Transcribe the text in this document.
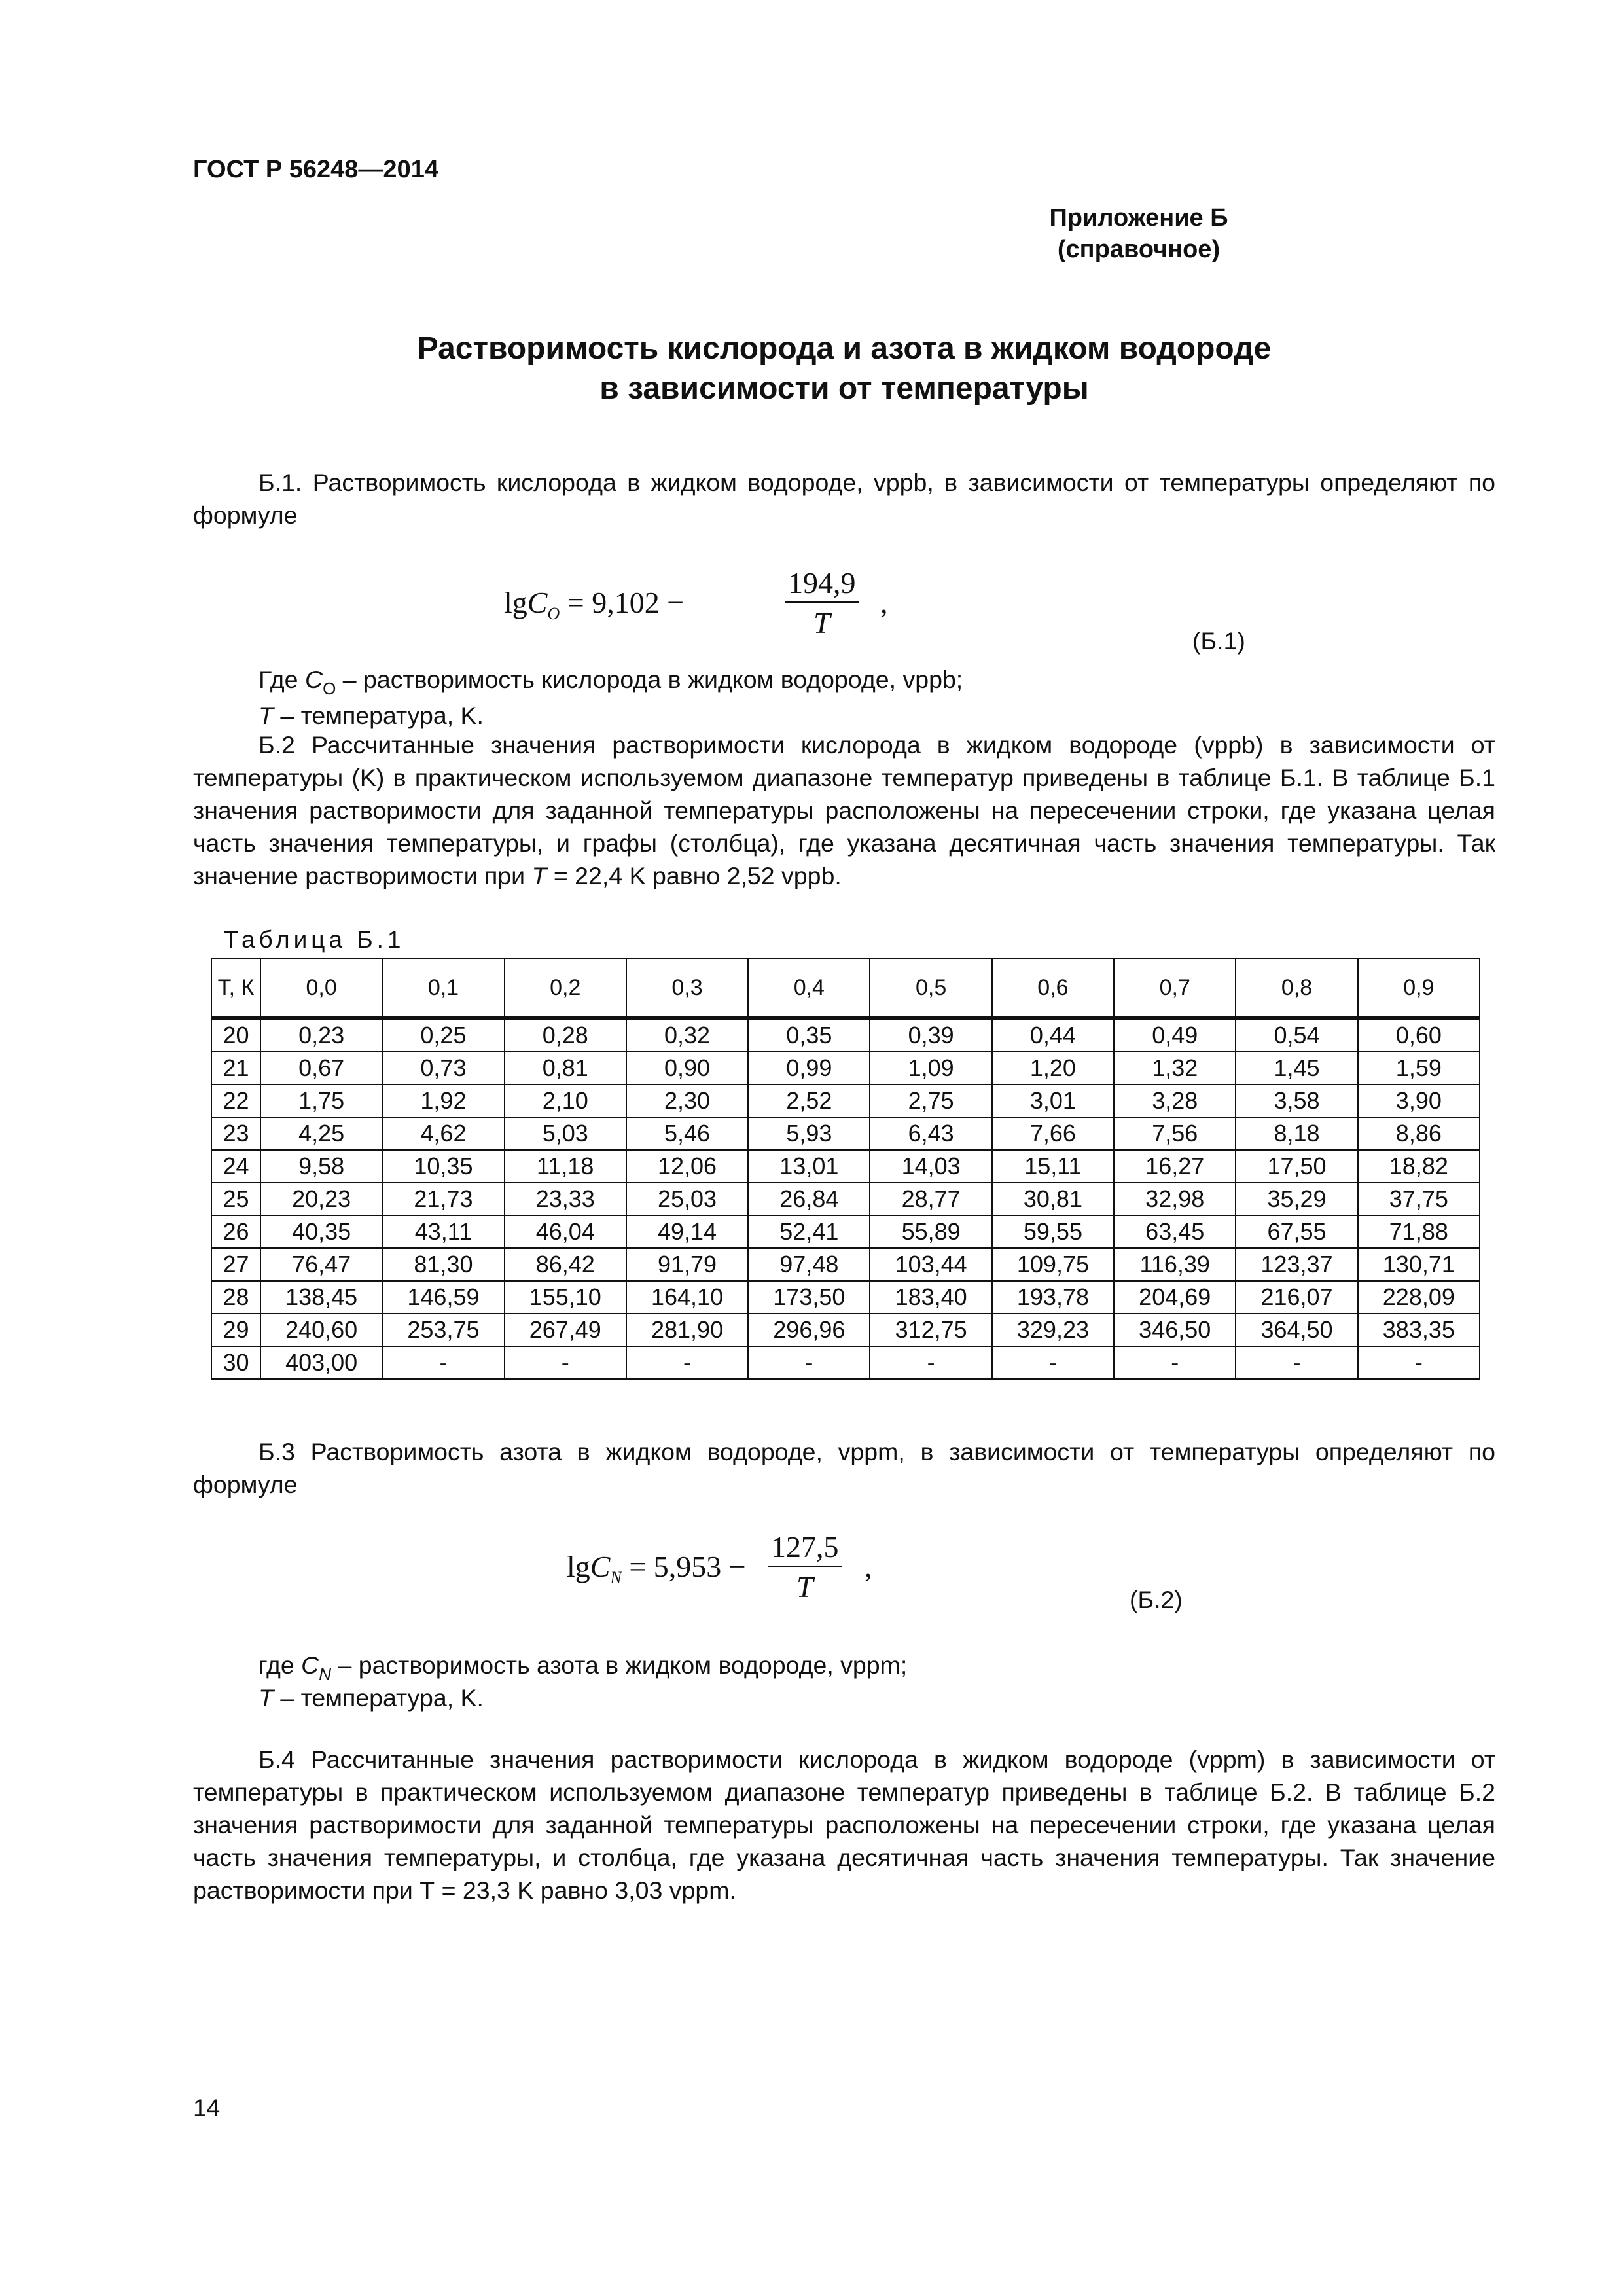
ГОСТ Р 56248—2014
Приложение Б
(справочное)
Растворимость кислорода и азота в жидком водороде
в зависимости от температуры
Б.1. Растворимость кислорода в жидком водороде, vppb, в зависимости от температуры определяют по формуле
lgC$_O$ = 9,102 −	$\frac{194,9}{T}$ ,
(Б.1)
Где $C_O$ – растворимость кислорода в жидком водороде, vppb;
T – температура, K.
Б.2 Рассчитанные значения растворимости кислорода в жидком водороде (vppb) в зависимости от температуры (K) в практическом используемом диапазоне температур приведены в таблице Б.1. В таблице Б.1 значения растворимости для заданной температуры расположены на пересечении строки, где указана целая часть значения температуры, и графы (столбца), где указана десятичная часть значения температуры. Так значение растворимости при T = 22,4 K равно 2,52 vppb.
Таблица Б.1
Т, К	0,0	0,1	0,2	0,3	0,4	0,5	0,6	0,7	0,8	0,9
20	0,23	0,25	0,28	0,32	0,35	0,39	0,44	0,49	0,54	0,60
21	0,67	0,73	0,81	0,90	0,99	1,09	1,20	1,32	1,45	1,59
22	1,75	1,92	2,10	2,30	2,52	2,75	3,01	3,28	3,58	3,90
23	4,25	4,62	5,03	5,46	5,93	6,43	7,66	7,56	8,18	8,86
24	9,58	10,35	11,18	12,06	13,01	14,03	15,11	16,27	17,50	18,82
25	20,23	21,73	23,33	25,03	26,84	28,77	30,81	32,98	35,29	37,75
26	40,35	43,11	46,04	49,14	52,41	55,89	59,55	63,45	67,55	71,88
27	76,47	81,30	86,42	91,79	97,48	103,44	109,75	116,39	123,37	130,71
28	138,45	146,59	155,10	164,10	173,50	183,40	193,78	204,69	216,07	228,09
29	240,60	253,75	267,49	281,90	296,96	312,75	329,23	346,50	364,50	383,35
30	403,00	-	-	-	-	-	-	-	-	-
Б.3 Растворимость азота в жидком водороде, vppm, в зависимости от температуры определяют по формуле
$\lg C_N = 5,953 - \frac{127,5}{T}$ ,
(Б.2)
где $C_N$ – растворимость азота в жидком водороде, vppm;
T – температура, K.
Б.4 Рассчитанные значения растворимости кислорода в жидком водороде (vppm) в зависимости от температуры в практическом используемом диапазоне температур приведены в таблице Б.2. В таблице Б.2 значения растворимости для заданной температуры расположены на пересечении строки, где указана целая часть значения температуры, и столбца, где указана десятичная часть значения температуры. Так значение растворимости при Т = 23,3 K равно 3,03 vppm.
14
